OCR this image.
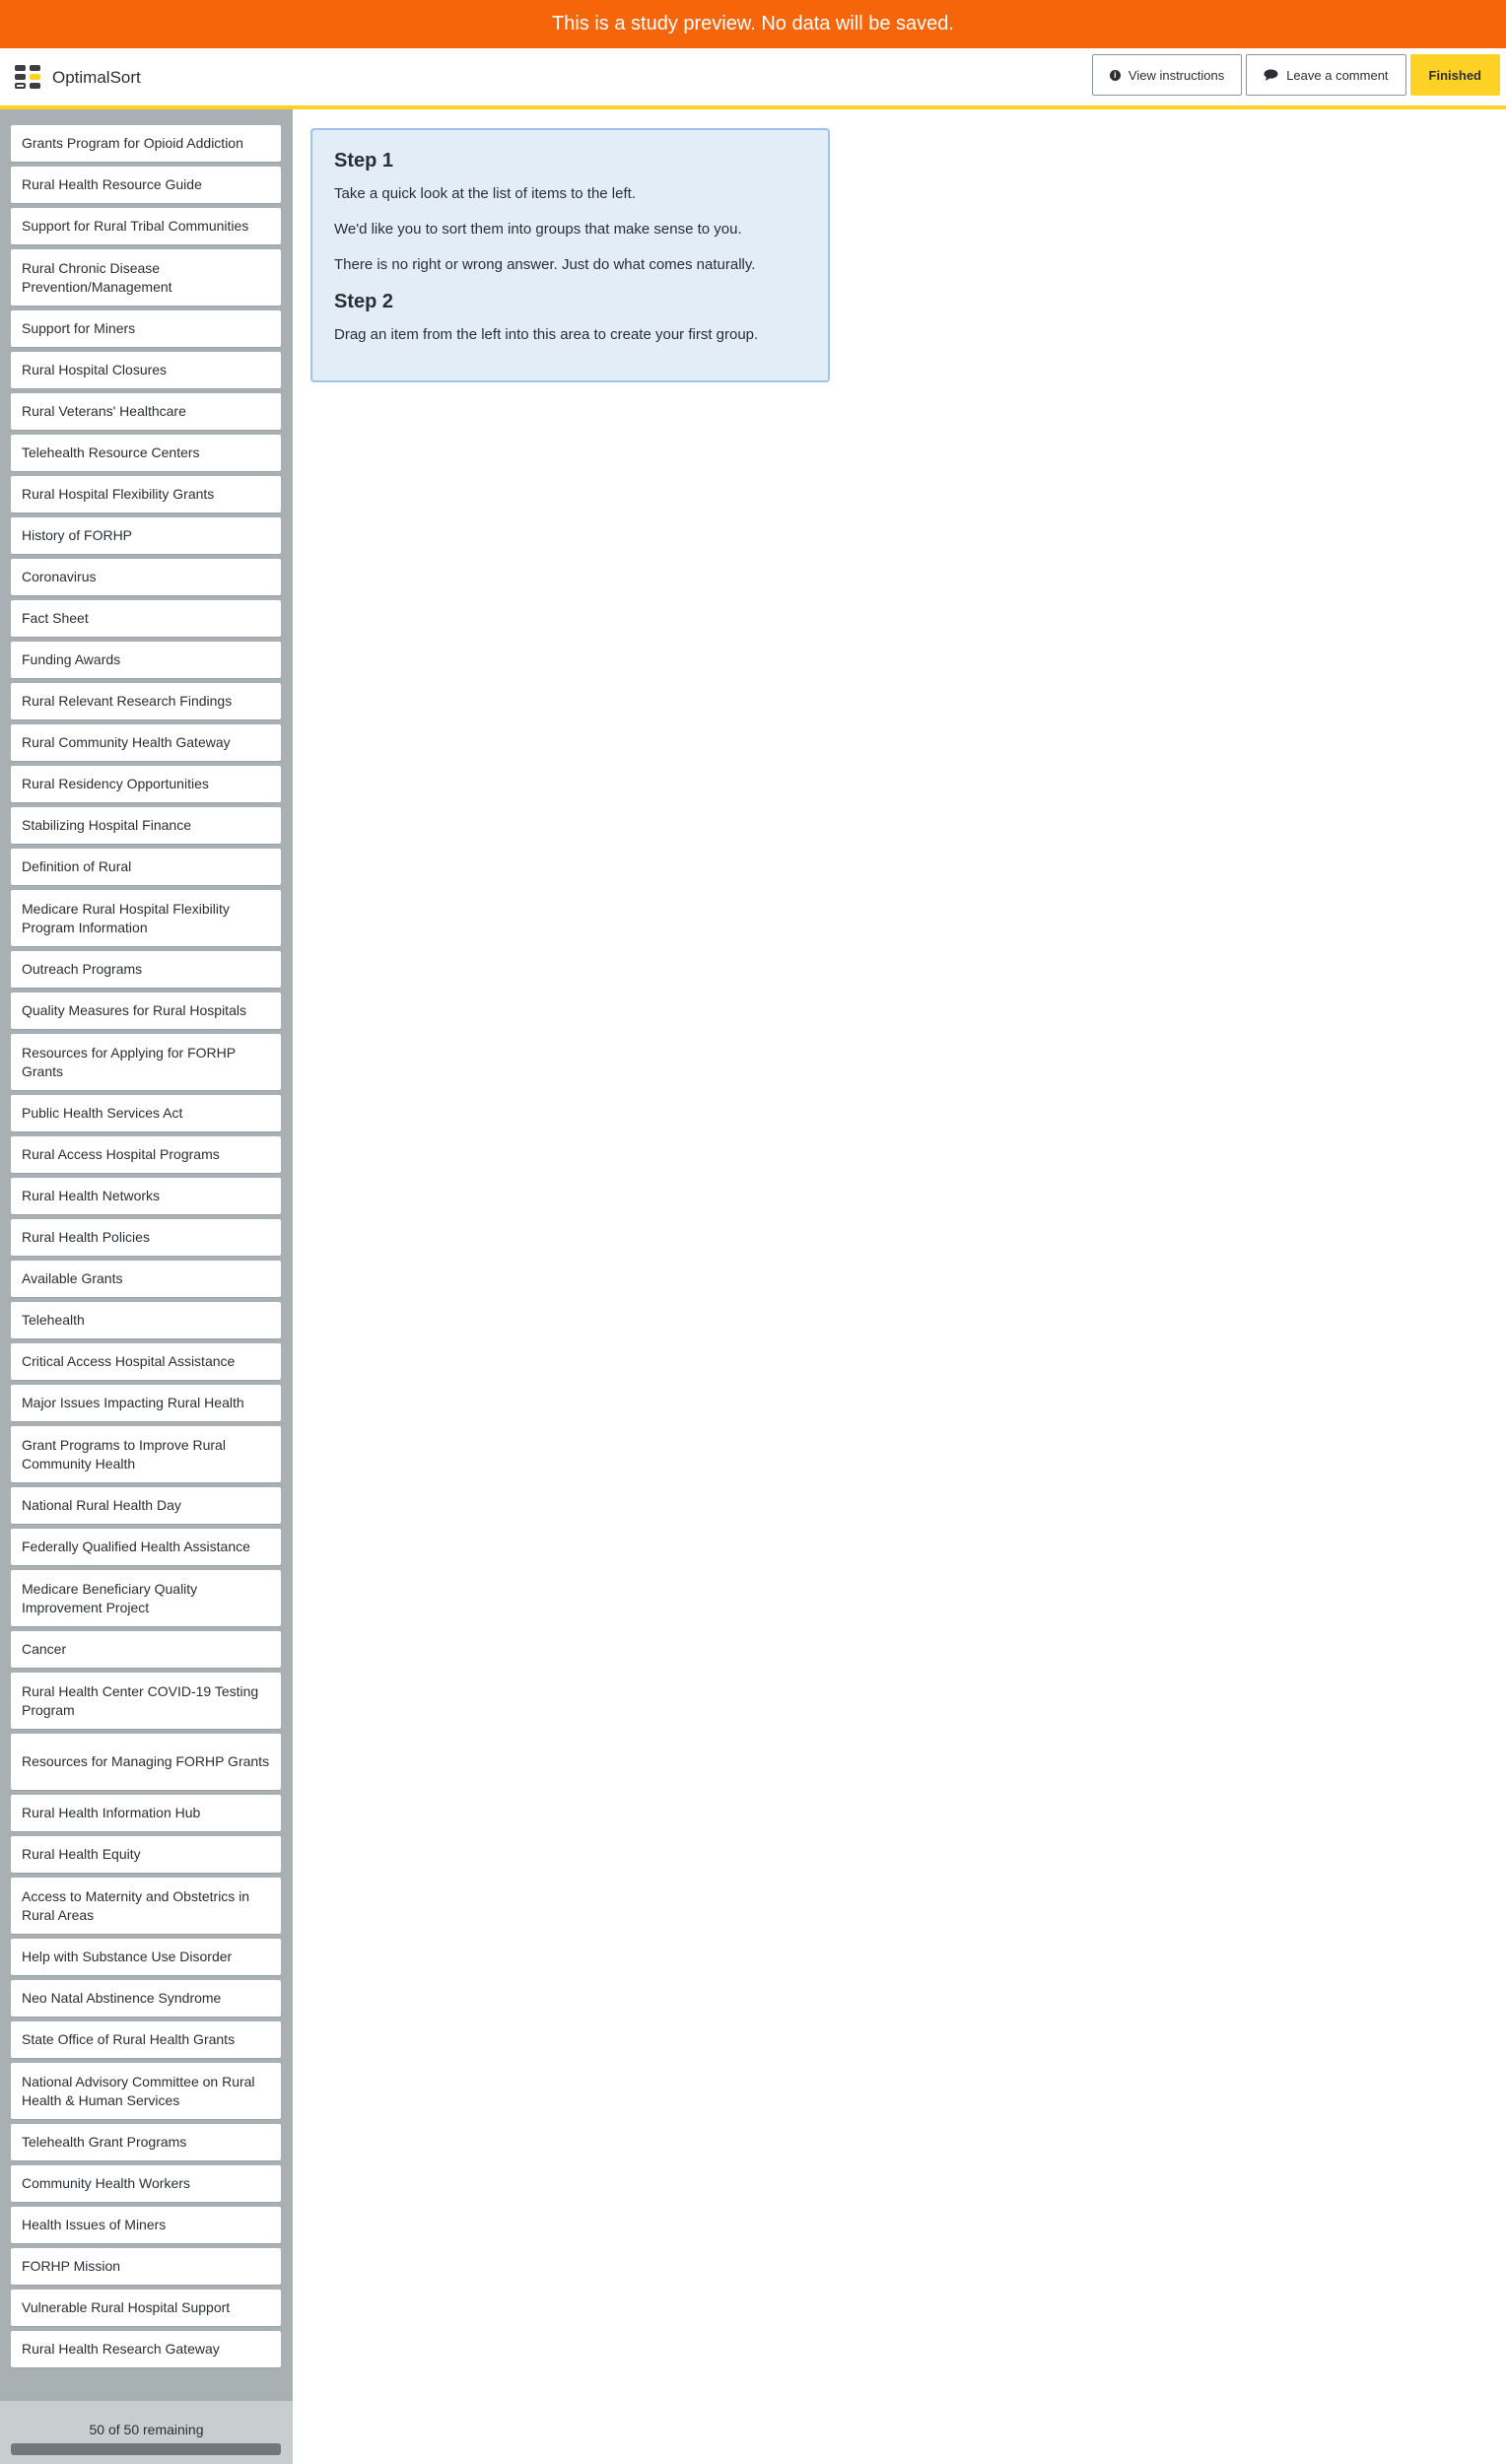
This is a study preview. No data will be saved.
OptimalSort	i View instructions	Leave a comment	Finished
Grants Program for Opioid Addiction
Rural Health Resource Guide
Support for Rural Tribal Communities
Rural Chronic Disease Prevention/Management
Support for Miners
Rural Hospital Closures
Rural Veterans' Healthcare
Telehealth Resource Centers
Rural Hospital Flexibility Grants
History of FORHP
Coronavirus
Fact Sheet
Funding Awards
Rural Relevant Research Findings
Rural Community Health Gateway
Rural Residency Opportunities
Stabilizing Hospital Finance
Definition of Rural
Medicare Rural Hospital Flexibility Program Information
Outreach Programs
Quality Measures for Rural Hospitals
Resources for Applying for FORHP Grants
Public Health Services Act
Rural Access Hospital Programs
Rural Health Networks
Rural Health Policies
Available Grants
Telehealth
Critical Access Hospital Assistance
Major Issues Impacting Rural Health
Grant Programs to Improve Rural Community Health
National Rural Health Day
Federally Qualified Health Assistance
Medicare Beneficiary Quality Improvement Project
Cancer
Rural Health Center COVID-19 Testing Program
Resources for Managing FORHP Grants
Rural Health Information Hub
Rural Health Equity
Access to Maternity and Obstetrics in Rural Areas
Help with Substance Use Disorder
Neo Natal Abstinence Syndrome
State Office of Rural Health Grants
National Advisory Committee on Rural Health & Human Services
Telehealth Grant Programs
Community Health Workers
Health Issues of Miners
FORHP Mission
Vulnerable Rural Hospital Support
Rural Health Research Gateway
50 of 50 remaining
Step 1

Take a quick look at the list of items to the left.

We'd like you to sort them into groups that make sense to you.

There is no right or wrong answer. Just do what comes naturally.

Step 2

Drag an item from the left into this area to create your first group.
